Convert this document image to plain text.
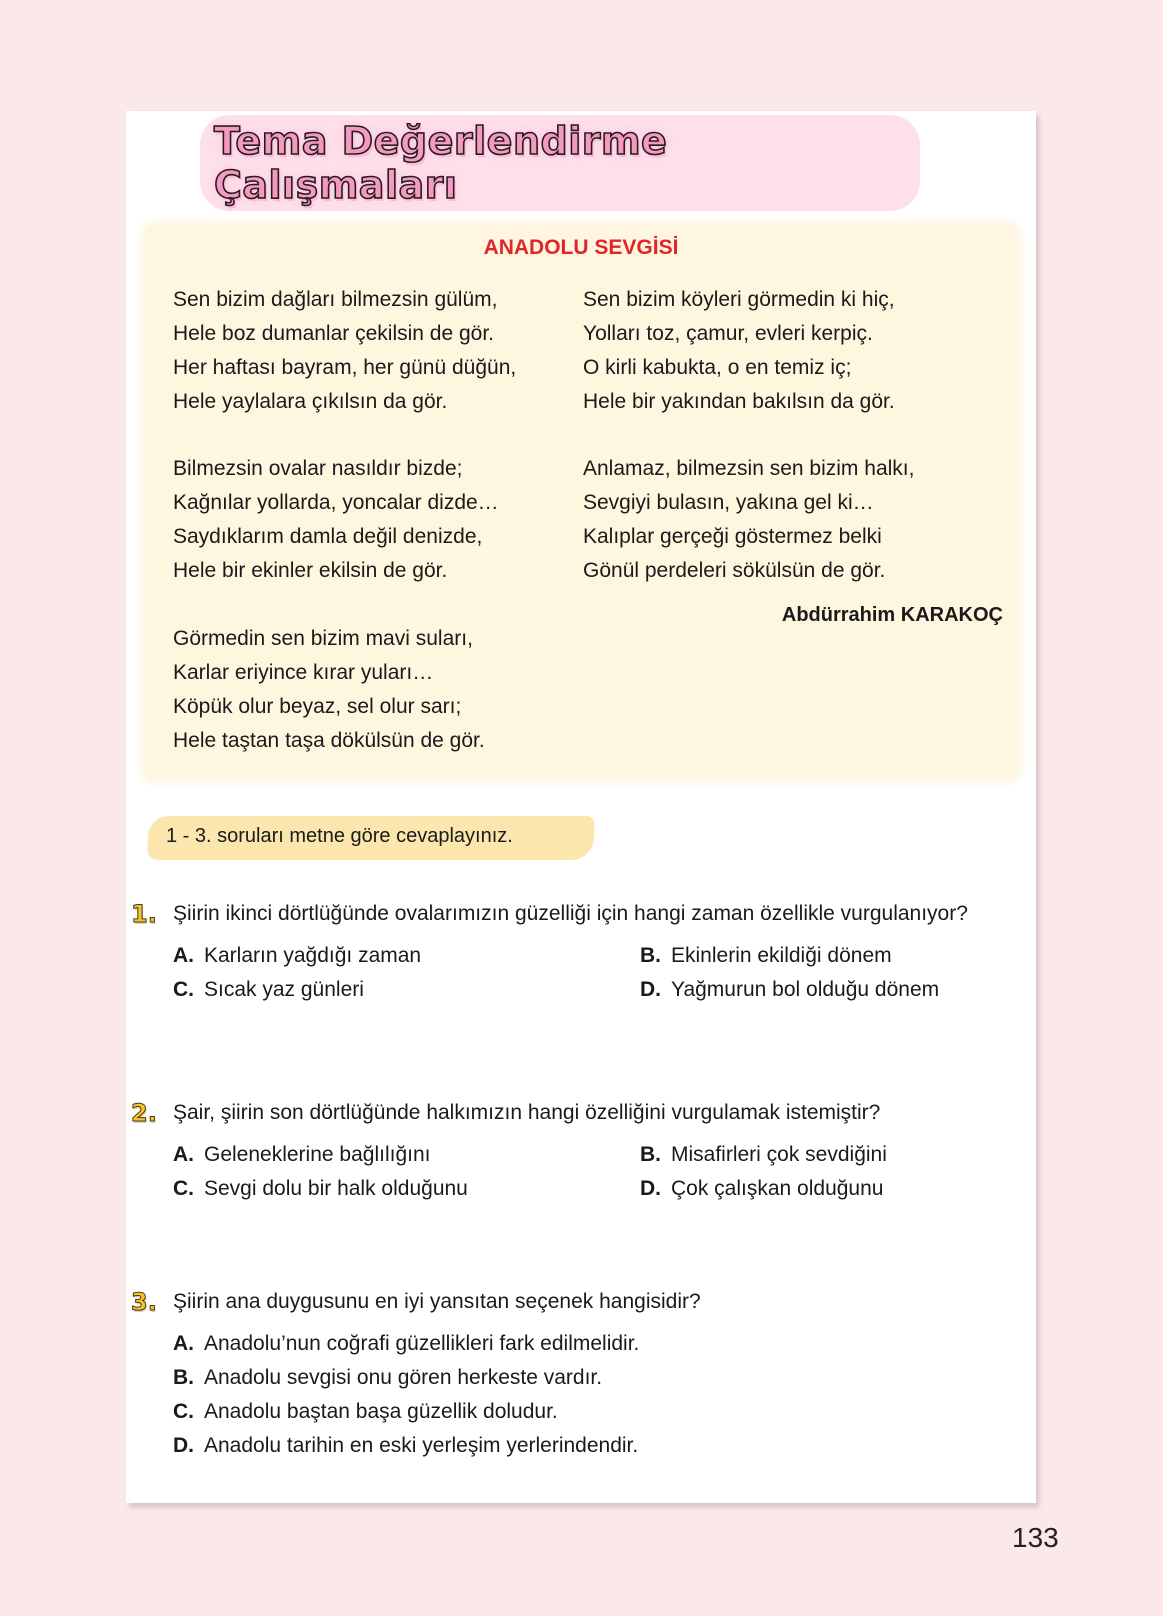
Tema Değerlendirme Çalışmaları
ANADOLU SEVGİSİ
Sen bizim dağları bilmezsin gülüm,
Hele boz dumanlar çekilsin de gör.
Her haftası bayram, her günü düğün,
Hele yaylalara çıkılsın da gör.
Bilmezsin ovalar nasıldır bizde;
Kağnılar yollarda, yoncalar dizde…
Saydıklarım damla değil denizde,
Hele bir ekinler ekilsin de gör.
Görmedin sen bizim mavi suları,
Karlar eriyince kırar yuları…
Köpük olur beyaz, sel olur sarı;
Hele taştan taşa dökülsün de gör.
Sen bizim köyleri görmedin ki hiç,
Yolları toz, çamur, evleri kerpiç.
O kirli kabukta, o en temiz iç;
Hele bir yakından bakılsın da gör.
Anlamaz, bilmezsin sen bizim halkı,
Sevgiyi bulasın, yakına gel ki…
Kalıplar gerçeği göstermez belki
Gönül perdeleri sökülsün de gör.
Abdürrahim KARAKOÇ
1 - 3. soruları metne göre cevaplayınız.
1. Şiirin ikinci dörtlüğünde ovalarımızın güzelliği için hangi zaman özellikle vurgulanıyor?
A. Karların yağdığı zaman	B. Ekinlerin ekildiği dönem
C. Sıcak yaz günleri	D. Yağmurun bol olduğu dönem
2. Şair, şiirin son dörtlüğünde halkımızın hangi özelliğini vurgulamak istemiştir?
A. Geleneklerine bağlılığını	B. Misafirleri çok sevdiğini
C. Sevgi dolu bir halk olduğunu	D. Çok çalışkan olduğunu
3. Şiirin ana duygusunu en iyi yansıtan seçenek hangisidir?
A. Anadolu’nun coğrafi güzellikleri fark edilmelidir.
B. Anadolu sevgisi onu gören herkeste vardır.
C. Anadolu baştan başa güzellik doludur.
D. Anadolu tarihin en eski yerleşim yerlerindendir.
133
